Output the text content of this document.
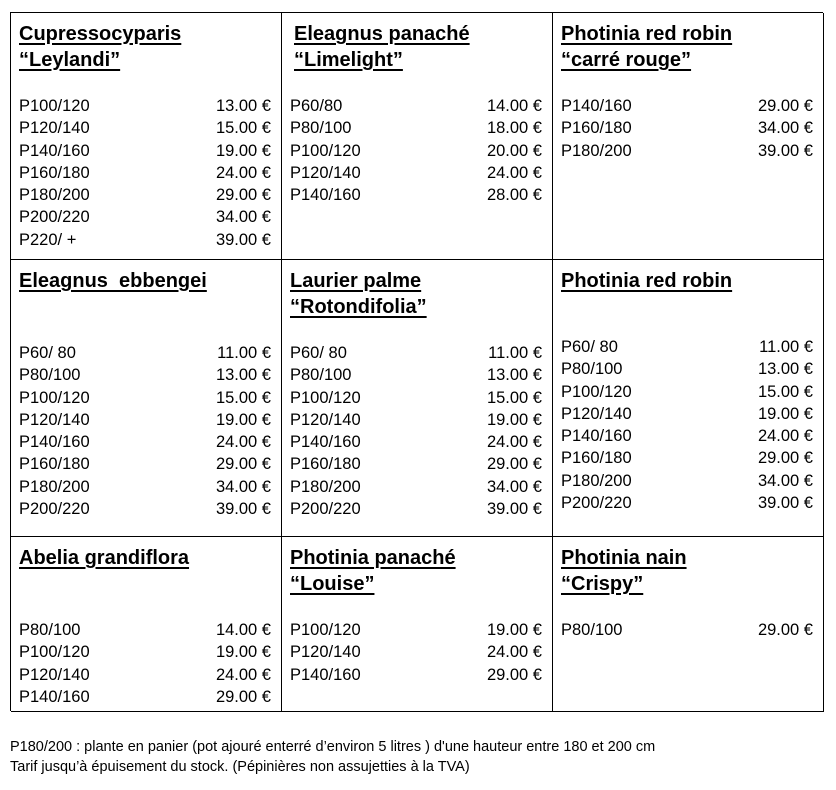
Cupressocyparis
“Leylandi”
P100/120	13.00 €
P120/140	15.00 €
P140/160	19.00 €
P160/180	24.00 €
P180/200	29.00 €
P200/220	34.00 €
P220/ +	39.00 €
Eleagnus panaché
“Limelight”
P60/80	14.00 €
P80/100	18.00 €
P100/120	20.00 €
P120/140	24.00 €
P140/160	28.00 €
Photinia red robin
“carré rouge”
P140/160	29.00 €
P160/180	34.00 €
P180/200	39.00 €
Eleagnus  ebbengei
P60/ 80	11.00 €
P80/100	13.00 €
P100/120	15.00 €
P120/140	19.00 €
P140/160	24.00 €
P160/180	29.00 €
P180/200	34.00 €
P200/220	39.00 €
Laurier palme
“Rotondifolia”
P60/ 80	11.00 €
P80/100	13.00 €
P100/120	15.00 €
P120/140	19.00 €
P140/160	24.00 €
P160/180	29.00 €
P180/200	34.00 €
P200/220	39.00 €
Photinia red robin
P60/ 80	11.00 €
P80/100	13.00 €
P100/120	15.00 €
P120/140	19.00 €
P140/160	24.00 €
P160/180	29.00 €
P180/200	34.00 €
P200/220	39.00 €
Abelia grandiflora
P80/100	14.00 €
P100/120	19.00 €
P120/140	24.00 €
P140/160	29.00 €
Photinia panaché
“Louise”
P100/120	19.00 €
P120/140	24.00 €
P140/160	29.00 €
Photinia nain
“Crispy”
P80/100	29.00 €
P180/200 : plante en panier (pot ajouré enterré d’environ 5 litres ) d'une hauteur entre 180 et 200 cm
Tarif jusqu’à épuisement du stock. (Pépinières non assujetties à la TVA)
